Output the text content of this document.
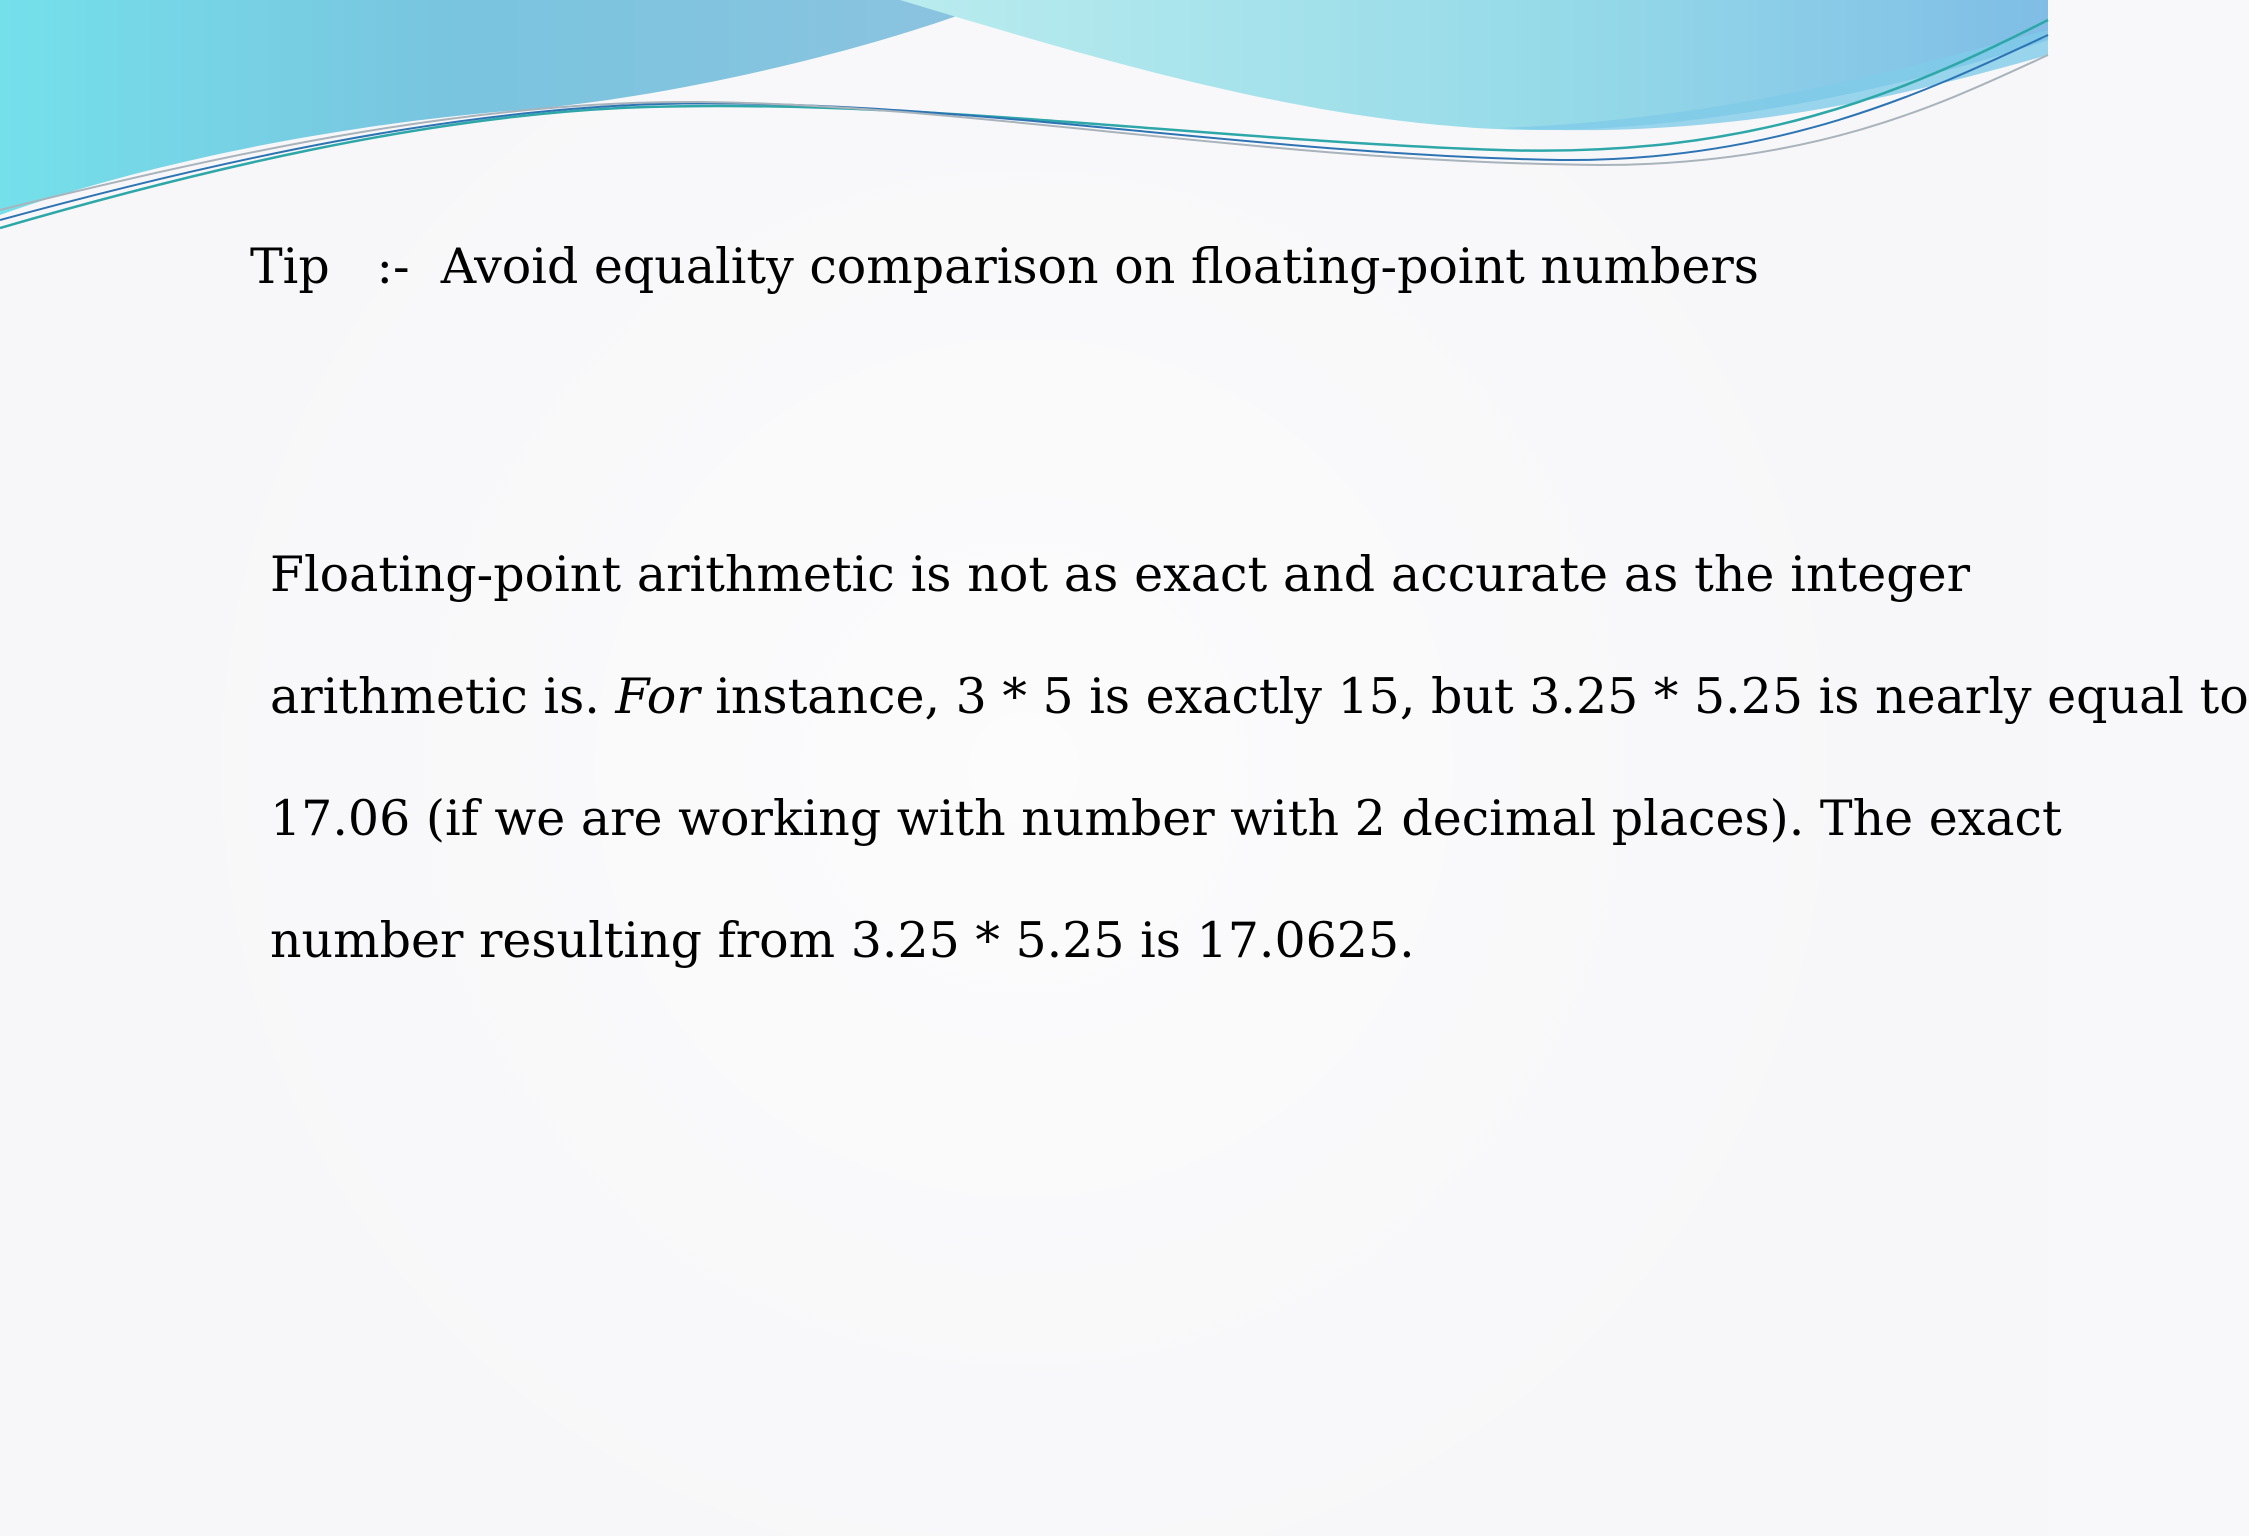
Tip :- Avoid equality comparison on floating-point numbers
Floating-point arithmetic is not as exact and accurate as the integer
arithmetic is. For instance, 3 * 5 is exactly 15, but 3.25 * 5.25 is nearly equal to
17.06 (if we are working with number with 2 decimal places). The exact
number resulting from 3.25 * 5.25 is 17.0625.
